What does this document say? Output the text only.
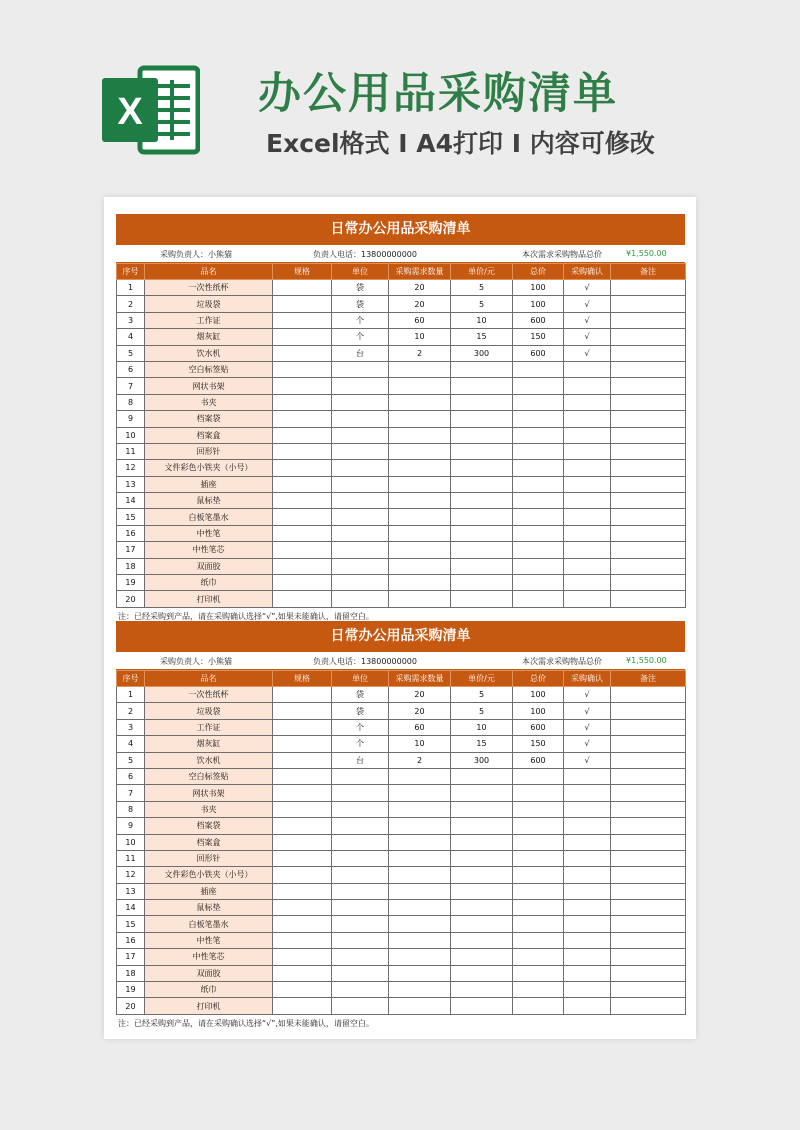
X	办公用品采购清单
Excel格式 Ⅰ A4打印 Ⅰ 内容可修改
日常办公用品采购清单
采购负责人：小熊猫	负责人电话：13800000000	本次需求采购物品总价	¥1,550.00
序号	品名	规格	单位	采购需求数量	单价/元	总价	采购确认	备注
1	一次性纸杯		袋	20	5	100	√	
2	垃圾袋		袋	20	5	100	√	
3	工作证		个	60	10	600	√	
4	烟灰缸		个	10	15	150	√	
5	饮水机		台	2	300	600	√	
6	空白标签贴							
7	网状书架							
8	书夹							
9	档案袋							
10	档案盒							
11	回形针							
12	文件彩色小铁夹（小号）							
13	插座							
14	鼠标垫							
15	白板笔墨水							
16	中性笔							
17	中性笔芯							
18	双面胶							
19	纸巾							
20	打印机							
注：已经采购到产品，请在采购确认选择“√”,如果未能确认，请留空白。
日常办公用品采购清单
采购负责人：小熊猫	负责人电话：13800000000	本次需求采购物品总价	¥1,550.00
序号	品名	规格	单位	采购需求数量	单价/元	总价	采购确认	备注
1	一次性纸杯		袋	20	5	100	√	
2	垃圾袋		袋	20	5	100	√	
3	工作证		个	60	10	600	√	
4	烟灰缸		个	10	15	150	√	
5	饮水机		台	2	300	600	√	
6	空白标签贴							
7	网状书架							
8	书夹							
9	档案袋							
10	档案盒							
11	回形针							
12	文件彩色小铁夹（小号）							
13	插座							
14	鼠标垫							
15	白板笔墨水							
16	中性笔							
17	中性笔芯							
18	双面胶							
19	纸巾							
20	打印机							
注：已经采购到产品，请在采购确认选择“√”,如果未能确认，请留空白。
